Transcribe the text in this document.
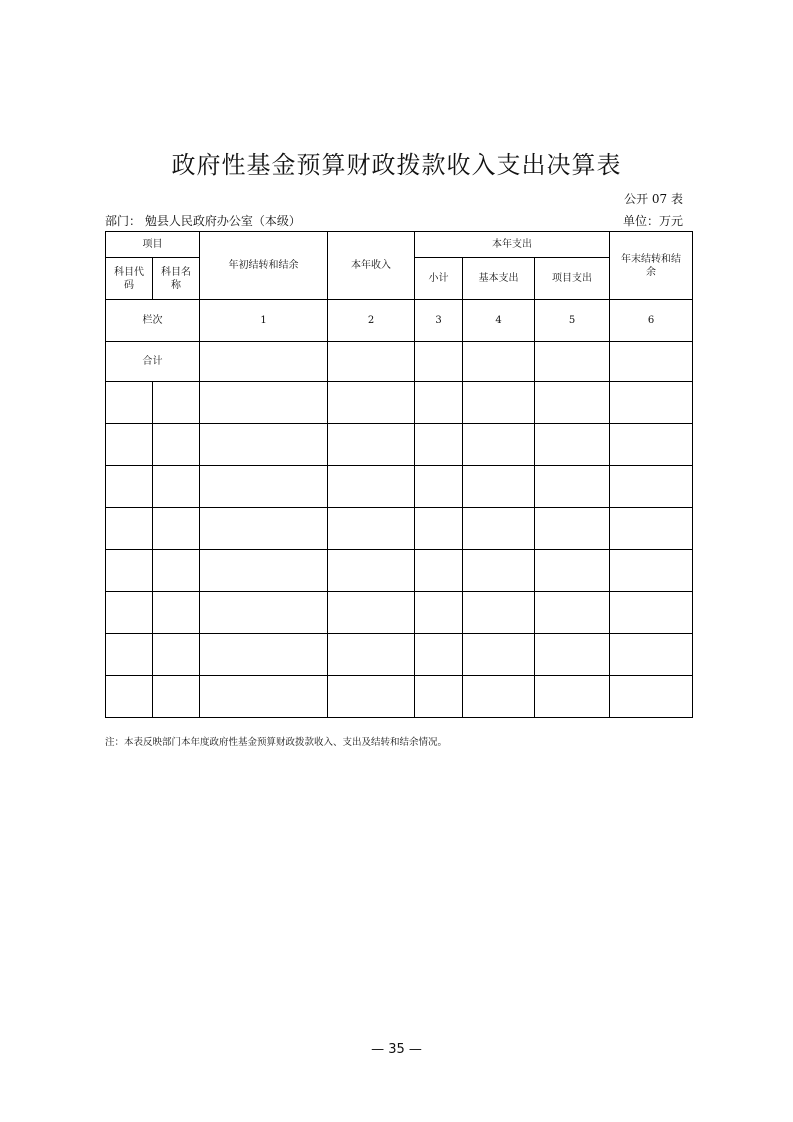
政府性基金预算财政拨款收入支出决算表
公开 07 表
部门： 勉县人民政府办公室（本级）	单位：万元
项目		年初结转和结余	本年收入	本年支出			年末结转和结余
科目代码	科目名称			小计	基本支出	项目支出	
栏次		1	2	3	4	5	6
合计							

注：本表反映部门本年度政府性基金预算财政拨款收入、支出及结转和结余情况。
— 35 —
